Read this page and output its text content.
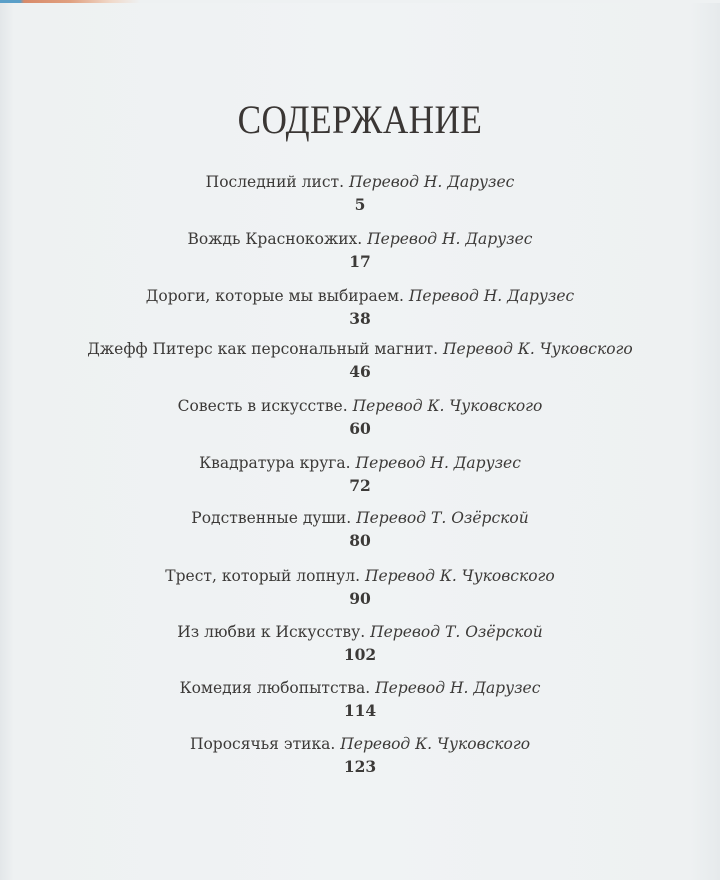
СОДЕРЖАНИЕ
Последний лист. Перевод Н. Дарузес
5
Вождь Краснокожих. Перевод Н. Дарузес
17
Дороги, которые мы выбираем. Перевод Н. Дарузес
38
Джефф Питерс как персональный магнит. Перевод К. Чуковского
46
Совесть в искусстве. Перевод К. Чуковского
60
Квадратура круга. Перевод Н. Дарузес
72
Родственные души. Перевод Т. Озёрской
80
Трест, который лопнул. Перевод К. Чуковского
90
Из любви к Искусству. Перевод Т. Озёрской
102
Комедия любопытства. Перевод Н. Дарузес
114
Поросячья этика. Перевод К. Чуковского
123
